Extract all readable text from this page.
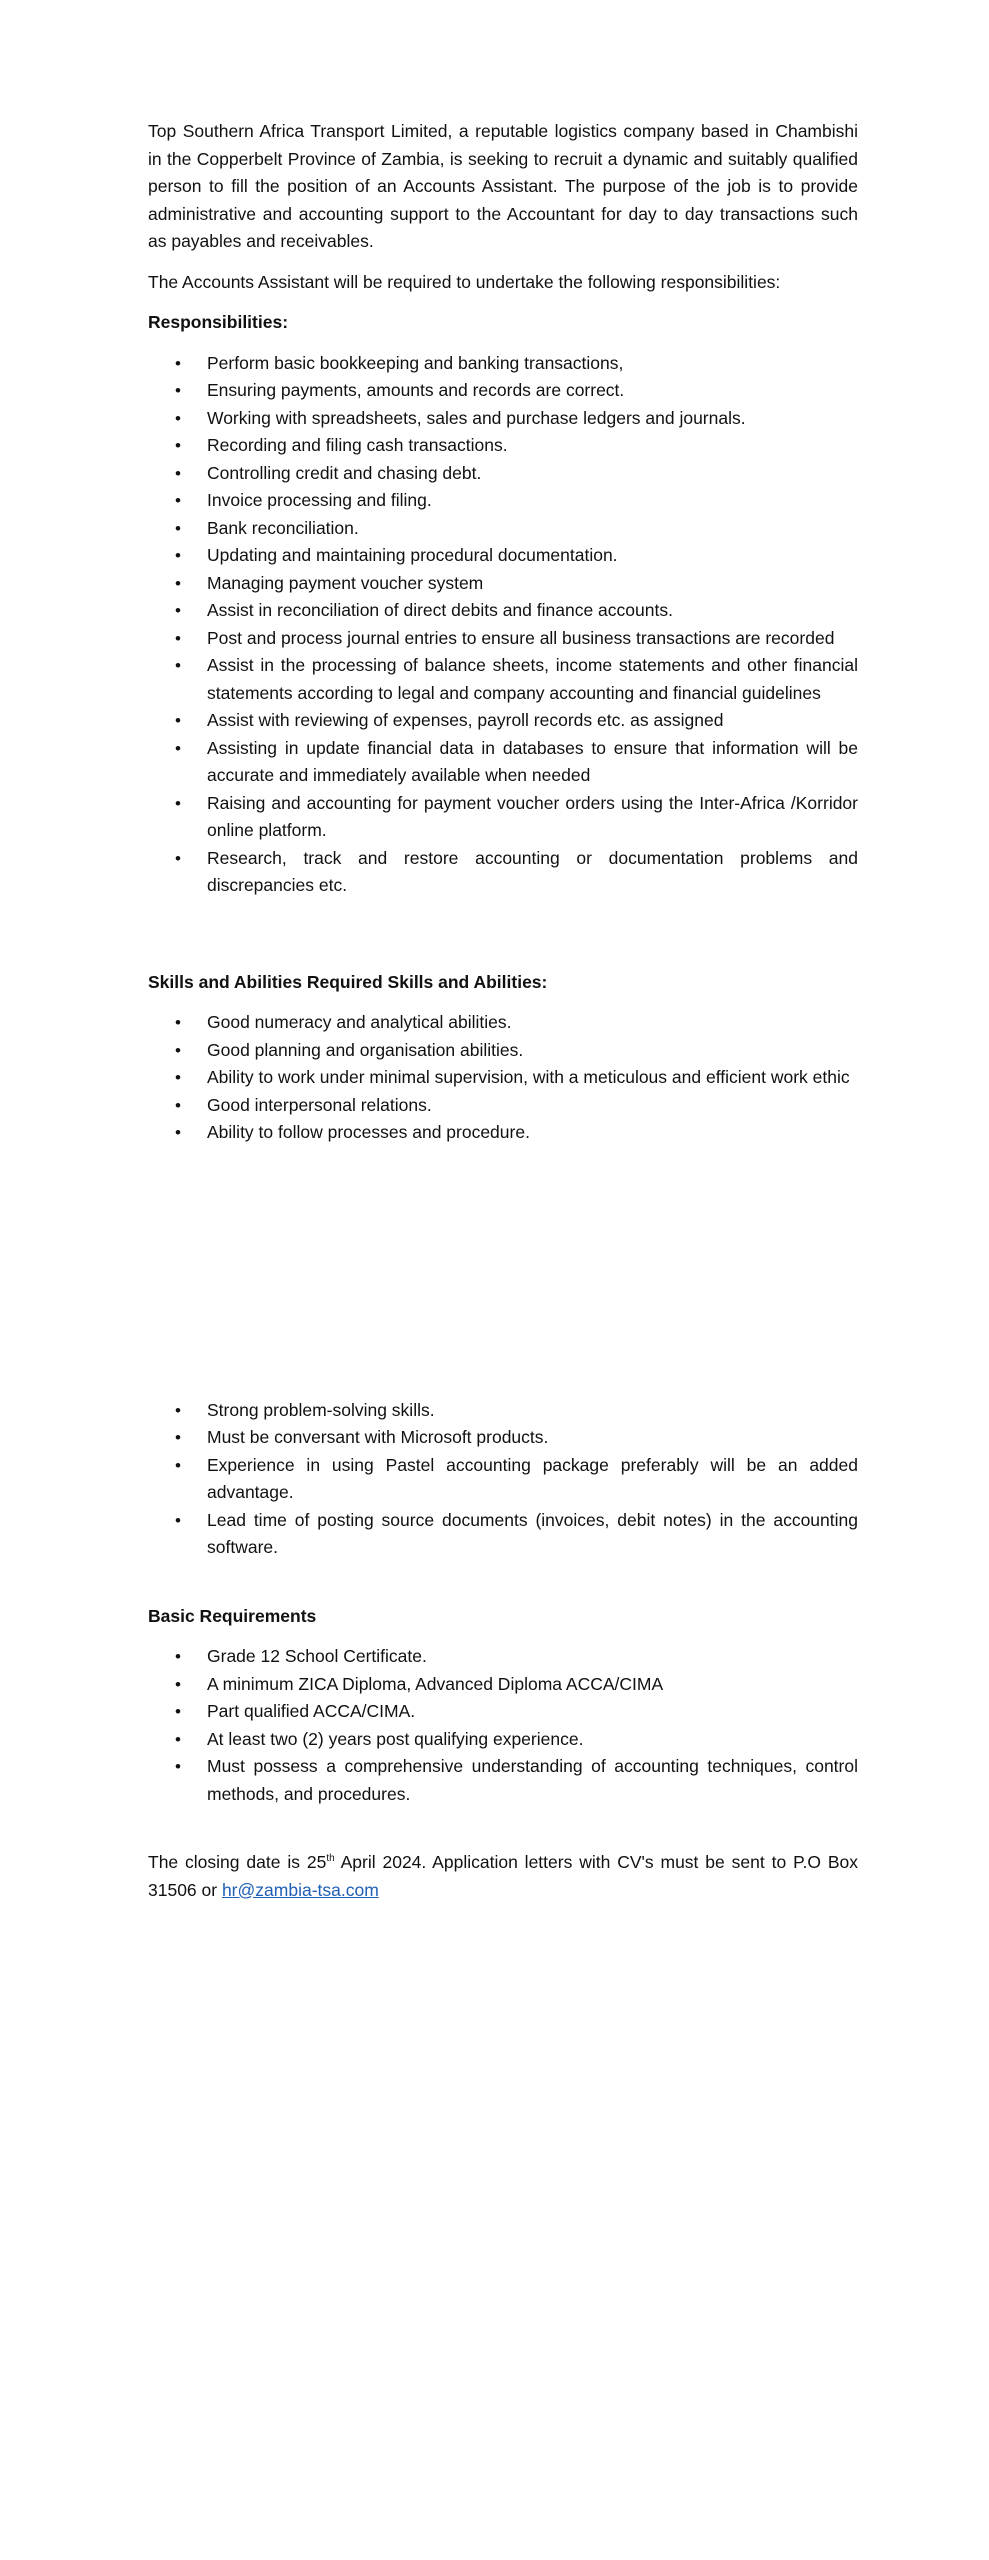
Top Southern Africa Transport Limited, a reputable logistics company based in Chambishi in the Copperbelt Province of Zambia, is seeking to recruit a dynamic and suitably qualified person to fill the position of an Accounts Assistant. The purpose of the job is to provide administrative and accounting support to the Accountant for day to day transactions such as payables and receivables.

The Accounts Assistant will be required to undertake the following responsibilities:

Responsibilities:

• Perform basic bookkeeping and banking transactions,
• Ensuring payments, amounts and records are correct.
• Working with spreadsheets, sales and purchase ledgers and journals.
• Recording and filing cash transactions.
• Controlling credit and chasing debt.
• Invoice processing and filing.
• Bank reconciliation.
• Updating and maintaining procedural documentation.
• Managing payment voucher system
• Assist in reconciliation of direct debits and finance accounts.
• Post and process journal entries to ensure all business transactions are recorded
• Assist in the processing of balance sheets, income statements and other financial statements according to legal and company accounting and financial guidelines
• Assist with reviewing of expenses, payroll records etc. as assigned
• Assisting in update financial data in databases to ensure that information will be accurate and immediately available when needed
• Raising and accounting for payment voucher orders using the Inter-Africa /Korridor online platform.
• Research, track and restore accounting or documentation problems and discrepancies etc.

Skills and Abilities Required Skills and Abilities:

• Good numeracy and analytical abilities.
• Good planning and organisation abilities.
• Ability to work under minimal supervision, with a meticulous and efficient work ethic
• Good interpersonal relations.
• Ability to follow processes and procedure.
• Strong problem-solving skills.
• Must be conversant with Microsoft products.
• Experience in using Pastel accounting package preferably will be an added advantage.
• Lead time of posting source documents (invoices, debit notes) in the accounting software.

Basic Requirements

• Grade 12 School Certificate.
• A minimum ZICA Diploma, Advanced Diploma ACCA/CIMA
• Part qualified ACCA/CIMA.
• At least two (2) years post qualifying experience.
• Must possess a comprehensive understanding of accounting techniques, control methods, and procedures.

The closing date is 25th April 2024. Application letters with CV's must be sent to P.O Box 31506 or hr@zambia-tsa.com
